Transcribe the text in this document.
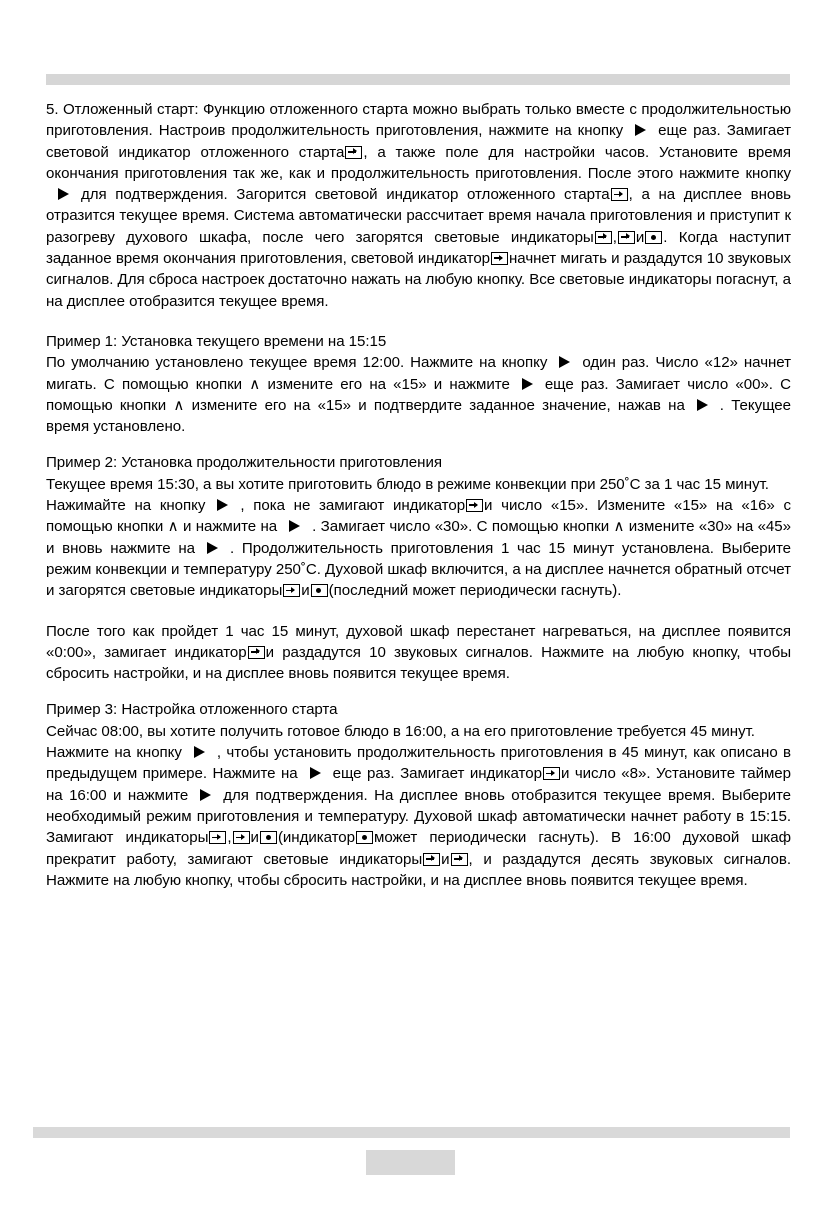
5. Отложенный старт: Функцию отложенного старта можно выбрать только вместе с продолжительностью приготовления. Настроив продолжительность приготовления, нажмите на кнопку еще раз. Замигает световой индикатор отложенного старта , а также поле для настройки часов. Установите время окончания приготовления так же, как и продолжительность приготовления. После этого нажмите кнопкудля подтверждения. Загорится световой индикатор отложенного старта , а на дисплее вновь отразится текущее время. Система автоматически рассчитает время начала приготовления и приступит к разогреву духового шкафа, после чего загорятся световые индикаторы , и . Когда наступит заданное время окончания приготовления, световой индикатор начнет мигать и раздадутся 10 звуковых сигналов. Для сброса настроек достаточно нажать на любую кнопку. Все световые индикаторы погаснут, а на дисплее отобразится текущее время.

Пример 1: Установка текущего времени на 15:15

По умолчанию установлено текущее время 12:00. Нажмите на кнопку один раз. Число «12» начнет мигать. С помощью кнопки ∧ измените его на «15» и нажмите еще раз. Замигает число «00». С помощью кнопки ∧ измените его на «15» и подтвердите заданное значение, нажав на . Текущее время установлено.

Пример 2: Установка продолжительности приготовления

Текущее время 15:30, а вы хотите приготовить блюдо в режиме конвекции при 250˚С за 1 час 15 минут.

Нажимайте на кнопку , пока не замигают индикатор и число «15». Измените «15» на «16» с помощью кнопки ∧ и нажмите на . Замигает число «30». С помощью кнопки ∧ измените «30» на «45» и вновь нажмите на . Продолжительность приготовления 1 час 15 минут установлена. Выберите режим конвекции и температуру 250˚С. Духовой шкаф включится, а на дисплее начнется обратный отсчет и загорятся световые индикаторы и (последний может периодически гаснуть).

После того как пройдет 1 час 15 минут, духовой шкаф перестанет нагреваться, на дисплее появится «0:00», замигает индикатор и раздадутся 10 звуковых сигналов. Нажмите на любую кнопку, чтобы сбросить настройки, и на дисплее вновь появится текущее время.

Пример 3: Настройка отложенного старта

Сейчас 08:00, вы хотите получить готовое блюдо в 16:00, а на его приготовление требуется 45 минут.

Нажмите на кнопку , чтобы установить продолжительность приготовления в 45 минут, как описано в предыдущем примере. Нажмите на еще раз. Замигает индикатор и число «8». Установите таймер на 16:00 и нажмите для подтверждения. На дисплее вновь отобразится текущее время. Выберите необходимый режим приготовления и температуру. Духовой шкаф автоматически начнет работу в 15:15. Замигают индикаторы , и (индикатор может периодически гаснуть). В 16:00 духовой шкаф прекратит работу, замигают световые индикаторы и , и раздадутся десять звуковых сигналов. Нажмите на любую кнопку, чтобы сбросить настройки, и на дисплее вновь появится текущее время.
